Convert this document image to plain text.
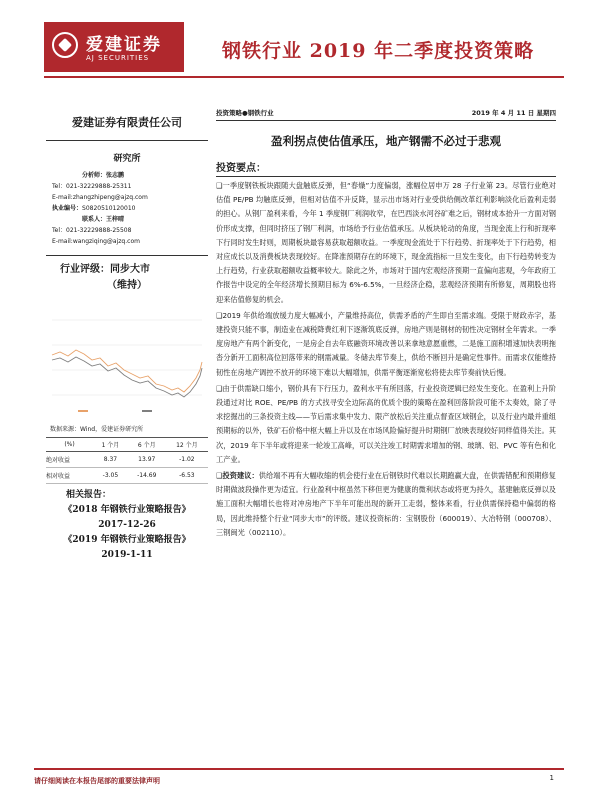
爱建证券
AJ SECURITIES	钢铁行业 2019 年二季度投资策略
爱建证券有限责任公司
研究所
分析师：张志鹏
Tel：021-32229888-25311
E-mail:zhangzhipeng@ajzq.com
执业编号：S0820510120010
联系人：王梓晴
Tel：021-32229888-25508
E-mail:wangziqing@ajzq.com
行业评级：同步大市
（维持）
数据来源：Wind，爱建证券研究所
(%)	1 个月	6 个月	12 个月
绝对收益	8.37	13.97	-1.02
相对收益	-3.05	-14.69	-6.53
相关报告：
《2018 年钢铁行业策略报告》
2017-12-26
《2019 年钢铁行业策略报告》
2019-1-11
投资策略●钢铁行业	2019 年 4 月 11 日 星期四
盈利拐点使估值承压，地产钢需不必过于悲观
投资要点：

❑一季度钢铁板块跟随大盘触底反弹，但“春燥”力度偏弱，涨幅位居申万 28 子行业第 23。尽管行业绝对估值 PE/PB 均触底反弹，但相对估值不升反降，显示出市场对行业受供给侧改革红利影响淡化后盈利走弱的担心。从钢厂盈利来看，今年 1 季度钢厂利润收窄，在巴西淡水河谷矿难之后，钢材成本抬升一方面对钢价形成支撑，但同时挤压了钢厂利润，市场给予行业估值承压。从板块轮动的角度，当现金流上行和折现率下行同时发生时则，周期板块最容易获取超额收益。一季度现金流处于下行趋势、折现率处于下行趋势，相对应成长以及消费板块表现较好。在降准预期存在的环境下，现金流指标一旦发生变化，由下行趋势转变为上行趋势，行业获取超额收益概率较大。除此之外，市场对于国内宏观经济预期一直偏向悲观，今年政府工作报告中设定的全年经济增长预期目标为 6%-6.5%，一旦经济企稳，悲观经济预期有所修复，周期股也将迎来估值修复的机会。

❑2019 年供给端放缓力度大幅减小，产量维持高位，供需矛盾的产生即自至需求端。受限于财政赤字，基建投资只能不事，制造业在减税降费红利下逐渐筑底反弹，房地产则是钢材的韧性决定钢材全年需求。一季度房地产有两个新变化，一是房企自去年底融资环境改善以来拿地意愿重燃，二是施工面积增速加快表明拖沓分新开工面积高位回落带来的钢需减量。冬储去库节奏上，供给不断回升是确定性事件。而需求仅能维持韧性在房地产调控不放开的环境下难以大幅增加，供需平衡逐渐宽松将使去库节奏前快后慢。

❑由于供需缺口缩小，钢价具有下行压力，盈利水平有所回落，行业投资逻辑已经发生变化。在盈利上升阶段通过对比 ROE、PE/PB 的方式找寻安全边际高的优质个股的策略在盈利回落阶段可能不太奏效，除了寻求挖掘出的三条投资主线——节后需求集中发力、限产放松后关注重点督查区域钢企，以及行业内最并重组预期标的以外，铁矿石价格中枢大幅上升以及在市场风险偏好提升时期钢厂放映表现较好同样值得关注。其次，2019 年下半年或将迎来一轮竣工高峰，可以关注竣工时期需求增加的钢、玻璃、铝、PVC 等有色和化工产业。

❑投资建议：供给端不再有大幅收缩的机会使行业在后钢铁时代难以长期跑赢大盘，在供需错配和预期修复时期做波段操作更为适宜。行业盈利中枢虽然下移但更为健康的微利状态或将更为持久，基建触底反弹以及施工面积大幅增长也将对冲房地产下半年可能出现的新开工走弱，整体来看，行业供需保持稳中偏弱的格局，因此维持整个行业“同步大市”的评级。建议投资标的：宝钢股份（600019）、大冶特钢（000708）、三钢闽光（002110）。

请仔细阅读在本报告尾部的重要法律声明	1
